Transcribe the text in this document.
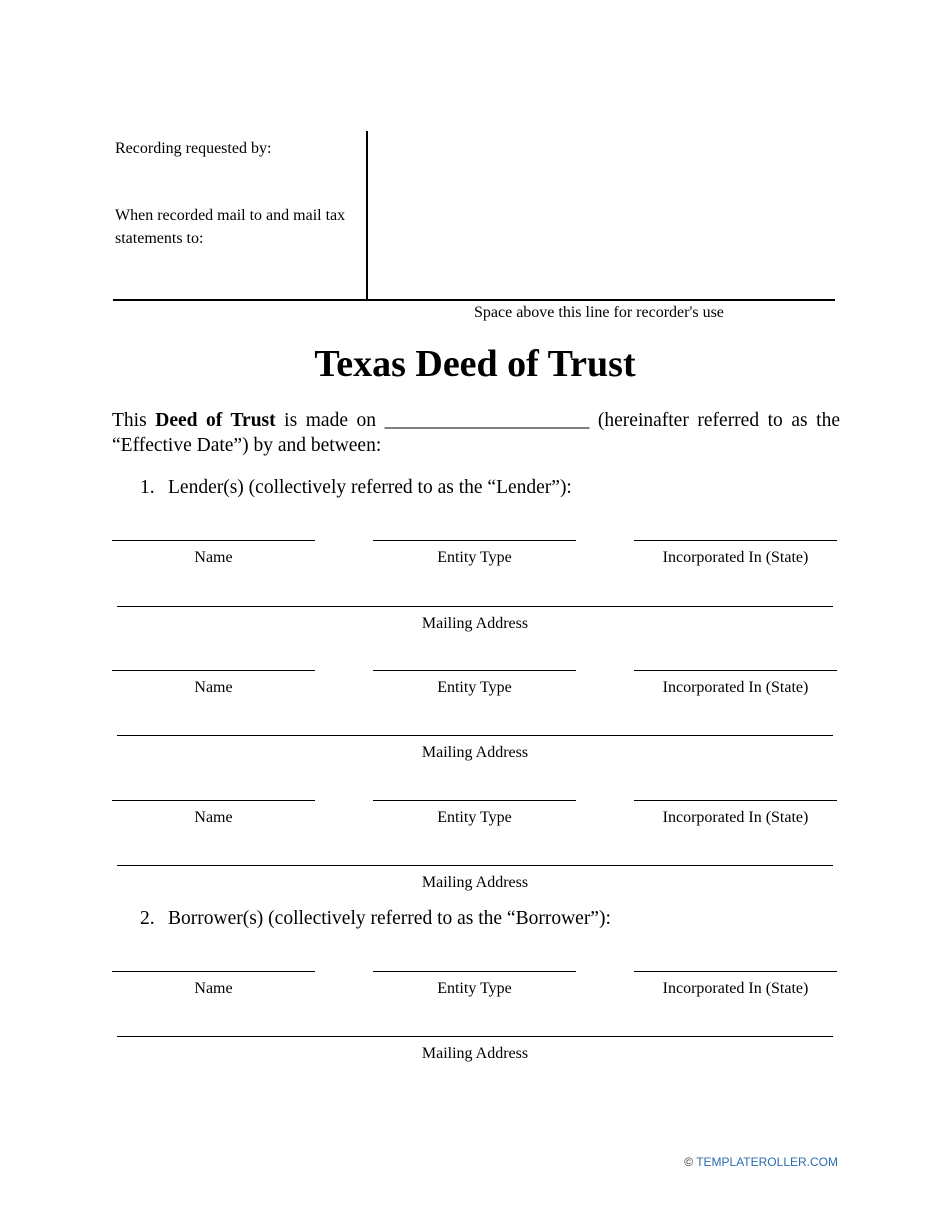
Recording requested by:
When recorded mail to and mail tax statements to:
Space above this line for recorder's use
Texas Deed of Trust
This Deed of Trust is made on _____________________ (hereinafter referred to as the “Effective Date”) by and between:
1. Lender(s) (collectively referred to as the “Lender”):
Name	Entity Type	Incorporated In (State)
Mailing Address
Name	Entity Type	Incorporated In (State)
Mailing Address
Name	Entity Type	Incorporated In (State)
Mailing Address
2. Borrower(s) (collectively referred to as the “Borrower”):
Name	Entity Type	Incorporated In (State)
Mailing Address
© TEMPLATEROLLER.COM
